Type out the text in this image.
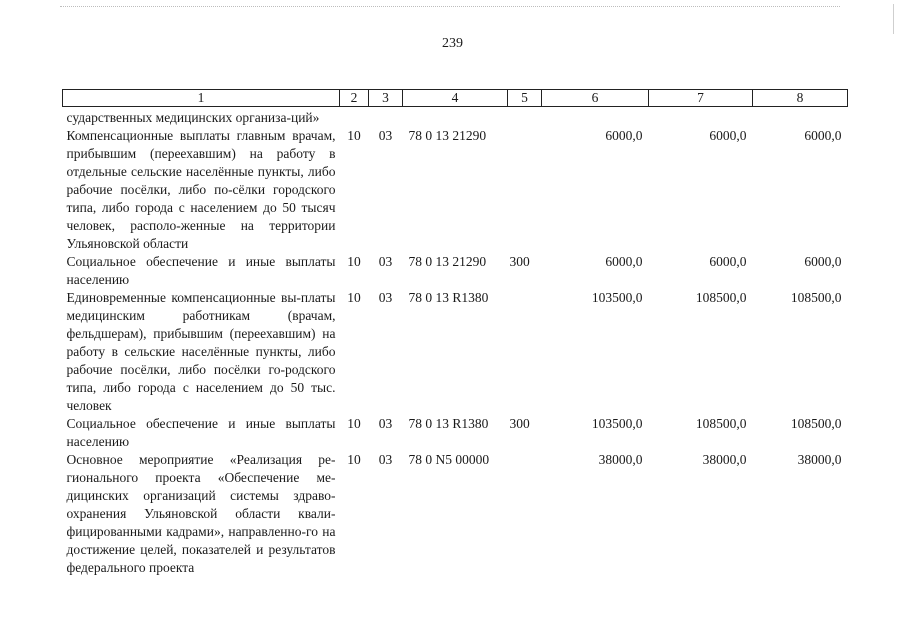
239
1	2	3	4	5	6	7	8
сударственных медицинских организа-ций»							
Компенсационные выплаты главным врачам, прибывшим (переехавшим) на работу в отдельные сельские населённые пункты, либо рабочие посёлки, либо по-сёлки городского типа, либо города с населением до 50 тысяч человек, располо-женные на территории Ульяновской области	10	03	78 0 13 21290		6000,0	6000,0	6000,0
Социальное обеспечение и иные выплаты населению	10	03	78 0 13 21290	300	6000,0	6000,0	6000,0
Единовременные компенсационные вы-платы медицинским работникам (врачам, фельдшерам), прибывшим (переехавшим) на работу в сельские населённые пункты, либо рабочие посёлки, либо посёлки го-родского типа, либо города с населением до 50 тыс. человек	10	03	78 0 13 R1380		103500,0	108500,0	108500,0
Социальное обеспечение и иные выплаты населению	10	03	78 0 13 R1380	300	103500,0	108500,0	108500,0
Основное мероприятие «Реализация ре-гионального проекта «Обеспечение ме-дицинских организаций системы здраво-охранения Ульяновской области квали-фицированными кадрами», направленно-го на достижение целей, показателей и результатов федерального проекта	10	03	78 0 N5 00000		38000,0	38000,0	38000,0
